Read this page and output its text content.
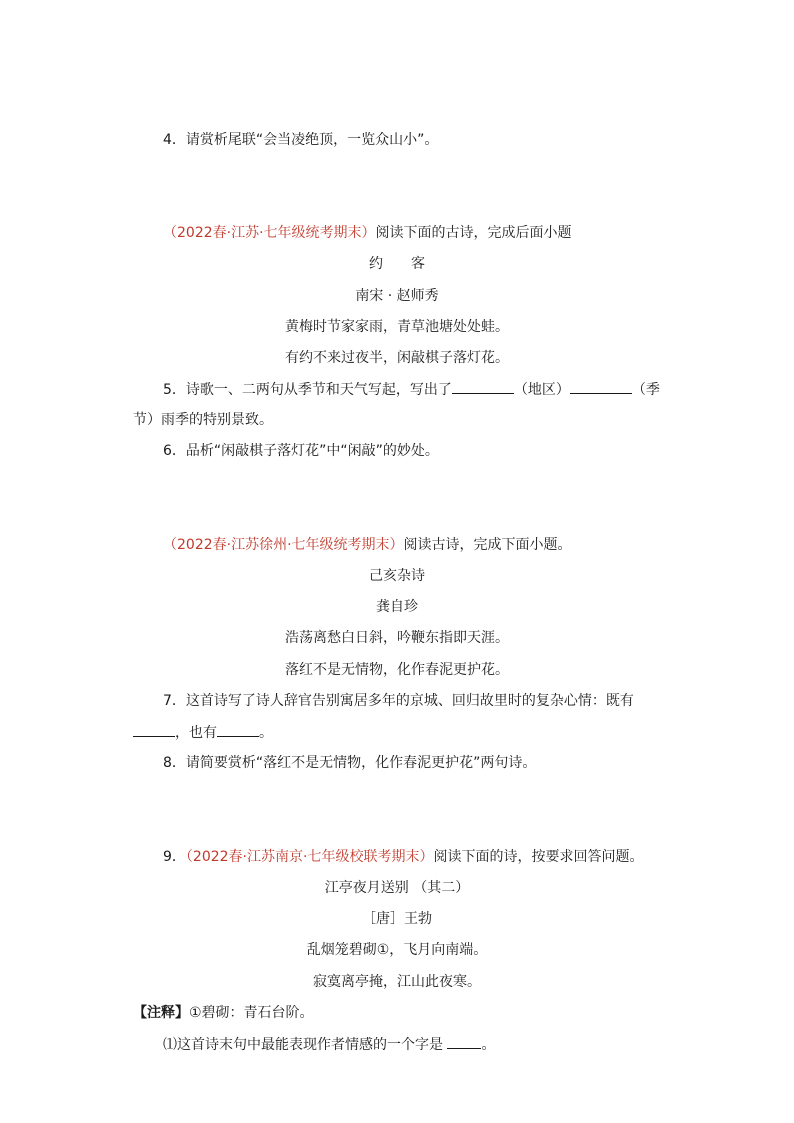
4．请赏析尾联“会当凌绝顶，一览众山小”。
（2022春·江苏·七年级统考期末）阅读下面的古诗，完成后面小题
约　　客
南宋 · 赵师秀
黄梅时节家家雨，青草池塘处处蛙。
有约不来过夜半，闲敲棋子落灯花。
5．诗歌一、二两句从季节和天气写起，写出了	（地区）	（季
节）雨季的特别景致。
6．品析“闲敲棋子落灯花”中“闲敲”的妙处。
（2022春·江苏徐州·七年级统考期末）阅读古诗，完成下面小题。
己亥杂诗
龚自珍
浩荡离愁白日斜，吟鞭东指即天涯。
落红不是无情物，化作春泥更护花。
7．这首诗写了诗人辞官告别寓居多年的京城、回归故里时的复杂心情：既有
，也有	。
8．请简要赏析“落红不是无情物，化作春泥更护花”两句诗。
9．（2022春·江苏南京·七年级校联考期末）阅读下面的诗，按要求回答问题。
江亭夜月送别 （其二）
［唐］王勃
乱烟笼碧砌①，飞月向南端。
寂寞离亭掩，江山此夜寒。
【注释】①碧砌：青石台阶。
⑴这首诗末句中最能表现作者情感的一个字是 。
